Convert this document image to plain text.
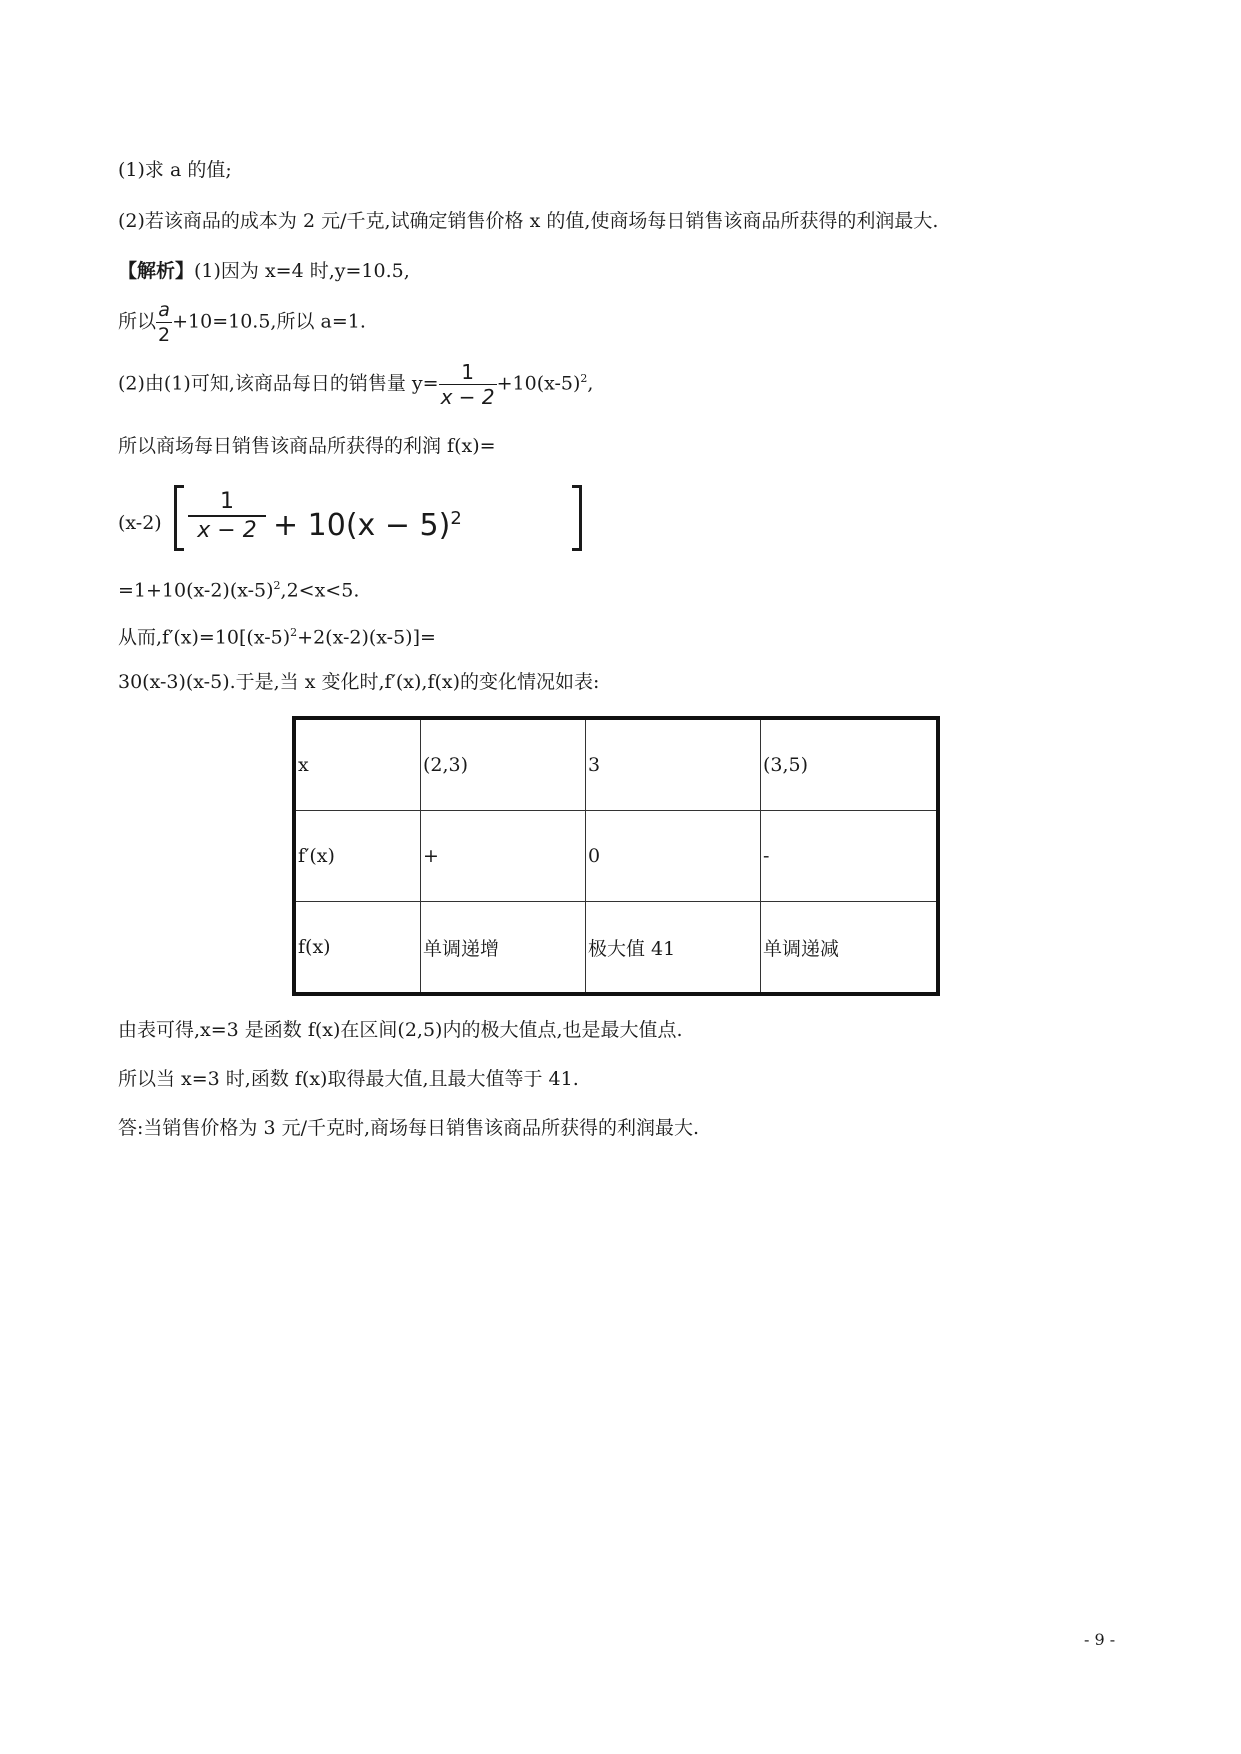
(1)求 a 的值;
(2)若该商品的成本为 2 元/千克,试确定销售价格 x 的值,使商场每日销售该商品所获得的利润最大.
【解析】(1)因为 x=4 时,y=10.5,
所以 $\frac{a}{2} +10=10.5$,所以 a=1.
(2)由(1)可知,该商品每日的销售量 $y= \frac{1}{x - 2} +10(x-5)^2$,
所以商场每日销售该商品所获得的利润 f(x)=
$(x-2) \frac{1}{x - 2} + 10(x - 5)^2$
$=1+10(x-2)(x-5)^2,2<x<5$.
从而$,f'(x)=10[(x-5)^2+2(x-2)(x-5)]=$
30(x-3)(x-5).于是,当 x 变化时,f′(x),f(x)的变化情况如表:
x	(2,3)	3	(3,5)
f′(x)	+	0	-
f(x)	单调递增	极大值 41	单调递减
由表可得,x=3 是函数 f(x)在区间(2,5)内的极大值点,也是最大值点.
所以当 x=3 时,函数 f(x)取得最大值,且最大值等于 41.
答:当销售价格为 3 元/千克时,商场每日销售该商品所获得的利润最大.
- 9 -
